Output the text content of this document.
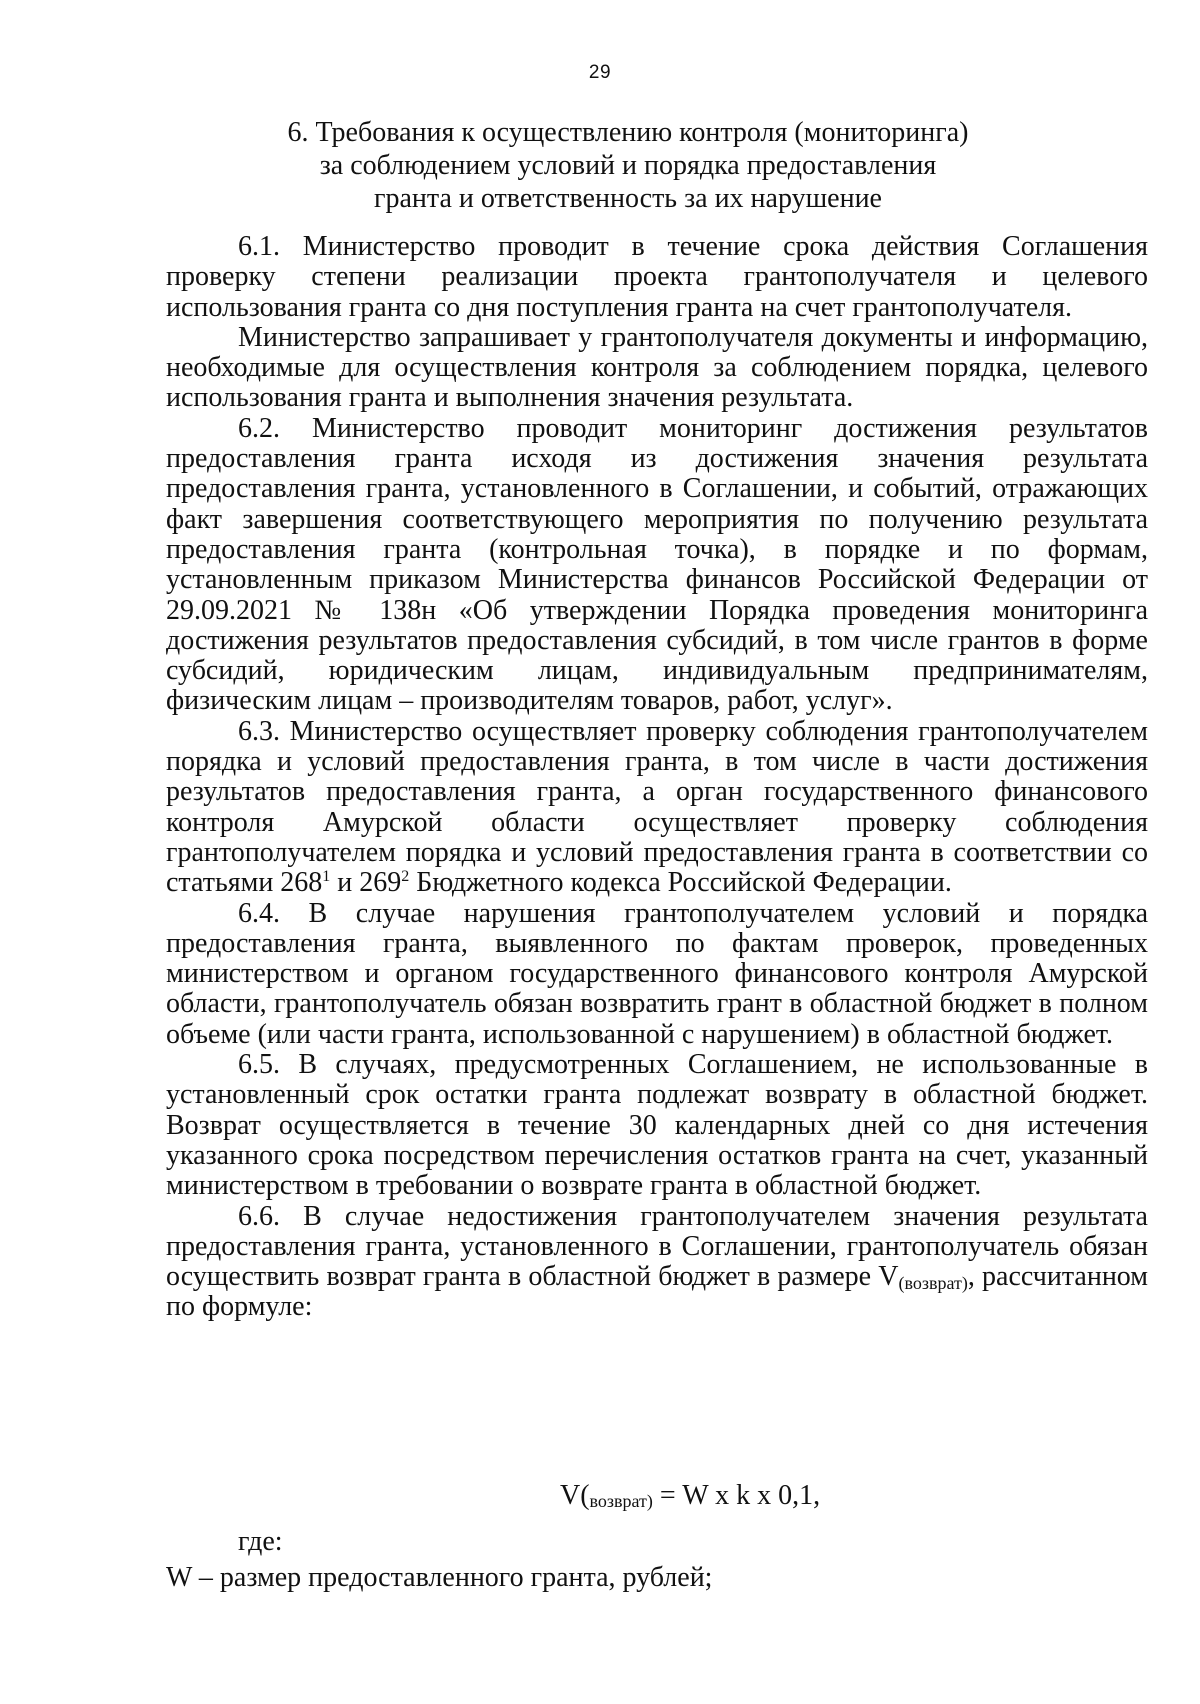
29
6. Требования к осуществлению контроля (мониторинга)
за соблюдением условий и порядка предоставления
гранта и ответственность за их нарушение

6.1. Министерство проводит в течение срока действия Соглашения проверку степени реализации проекта грантополучателя и целевого использования гранта со дня поступления гранта на счет грантополучателя.

Министерство запрашивает у грантополучателя документы и информацию, необходимые для осуществления контроля за соблюдением порядка, целевого использования гранта и выполнения значения результата.

6.2. Министерство проводит мониторинг достижения результатов предоставления гранта исходя из достижения значения результата предоставления гранта, установленного в Соглашении, и событий, отражающих факт завершения соответствующего мероприятия по получению результата предоставления гранта (контрольная точка), в порядке и по формам, установленным приказом Министерства финансов Российской Федерации от 29.09.2021 № 138н «Об утверждении Порядка проведения мониторинга достижения результатов предоставления субсидий, в том числе грантов в форме субсидий, юридическим лицам, индивидуальным предпринимателям, физическим лицам – производителям товаров, работ, услуг».

6.3. Министерство осуществляет проверку соблюдения грантополучателем порядка и условий предоставления гранта, в том числе в части достижения результатов предоставления гранта, а орган государственного финансового контроля Амурской области осуществляет проверку соблюдения грантополучателем порядка и условий предоставления гранта в соответствии со статьями $268^1$ и $269^2$ Бюджетного кодекса Российской Федерации.

6.4. В случае нарушения грантополучателем условий и порядка предоставления гранта, выявленного по фактам проверок, проведенных министерством и органом государственного финансового контроля Амурской области, грантополучатель обязан возвратить грант в областной бюджет в полном объеме (или части гранта, использованной с нарушением) в областной бюджет.

6.5. В случаях, предусмотренных Соглашением, не использованные в установленный срок остатки гранта подлежат возврату в областной бюджет. Возврат осуществляется в течение 30 календарных дней со дня истечения указанного срока посредством перечисления остатков гранта на счет, указанный министерством в требовании о возврате гранта в областной бюджет.

6.6. В случае недостижения грантополучателем значения результата предоставления гранта, установленного в Соглашении, грантополучатель обязан осуществить возврат гранта в областной бюджет в размере $V_{(возврат)}$, рассчитанном по формуле:

V(возврат) = W x k x 0,1,

где:

W – размер предоставленного гранта, рублей;
